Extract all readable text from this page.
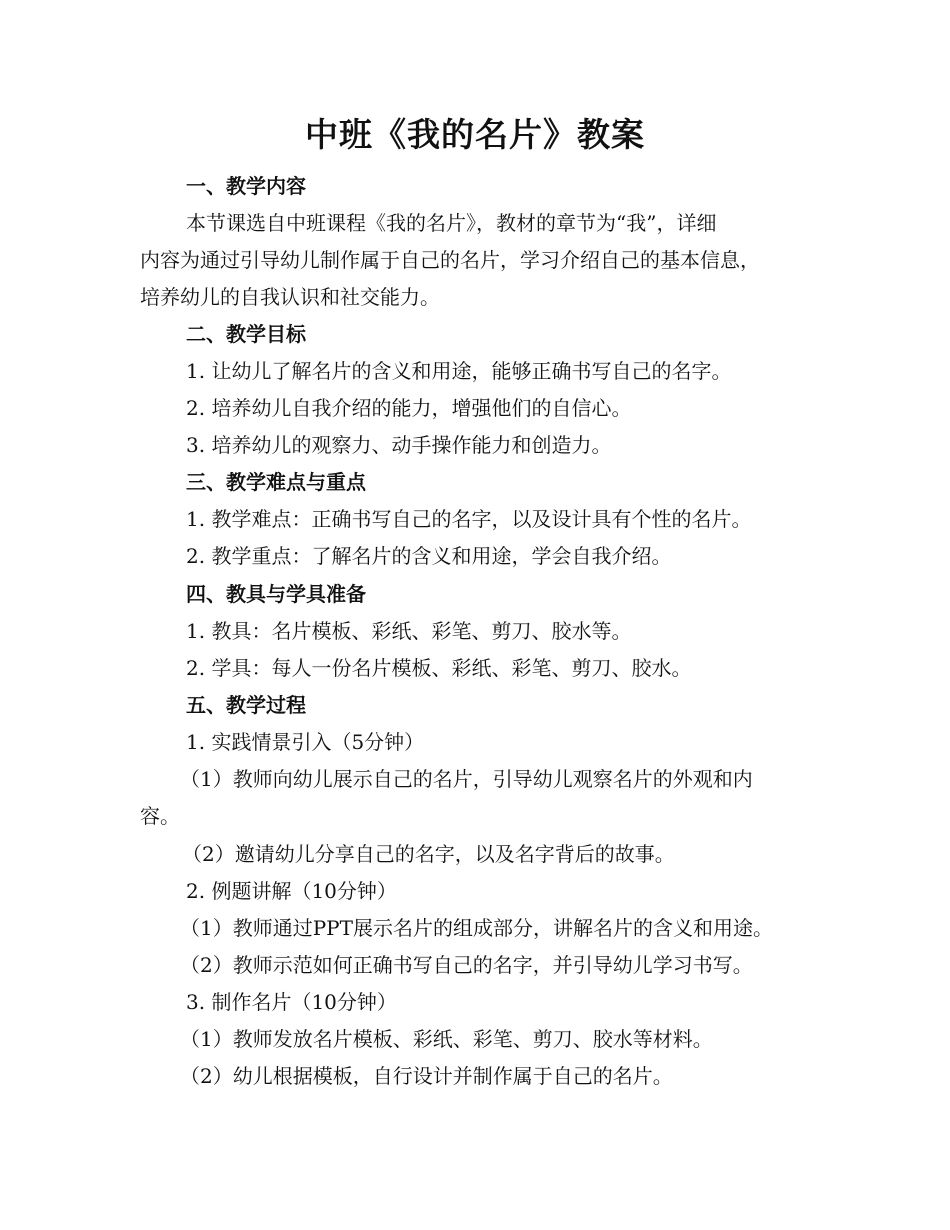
中班《我的名片》教案
一、教学内容
本节课选自中班课程《我的名片》，教材的章节为“我”，详细
内容为通过引导幼儿制作属于自己的名片，学习介绍自己的基本信息，
培养幼儿的自我认识和社交能力。
二、教学目标
1. 让幼儿了解名片的含义和用途，能够正确书写自己的名字。
2. 培养幼儿自我介绍的能力，增强他们的自信心。
3. 培养幼儿的观察力、动手操作能力和创造力。
三、教学难点与重点
1. 教学难点：正确书写自己的名字，以及设计具有个性的名片。
2. 教学重点：了解名片的含义和用途，学会自我介绍。
四、教具与学具准备
1. 教具：名片模板、彩纸、彩笔、剪刀、胶水等。
2. 学具：每人一份名片模板、彩纸、彩笔、剪刀、胶水。
五、教学过程
1. 实践情景引入（5分钟）
（1）教师向幼儿展示自己的名片，引导幼儿观察名片的外观和内
容。
（2）邀请幼儿分享自己的名字，以及名字背后的故事。
2. 例题讲解（10分钟）
（1）教师通过PPT展示名片的组成部分，讲解名片的含义和用途。
（2）教师示范如何正确书写自己的名字，并引导幼儿学习书写。
3. 制作名片（10分钟）
（1）教师发放名片模板、彩纸、彩笔、剪刀、胶水等材料。
（2）幼儿根据模板，自行设计并制作属于自己的名片。
